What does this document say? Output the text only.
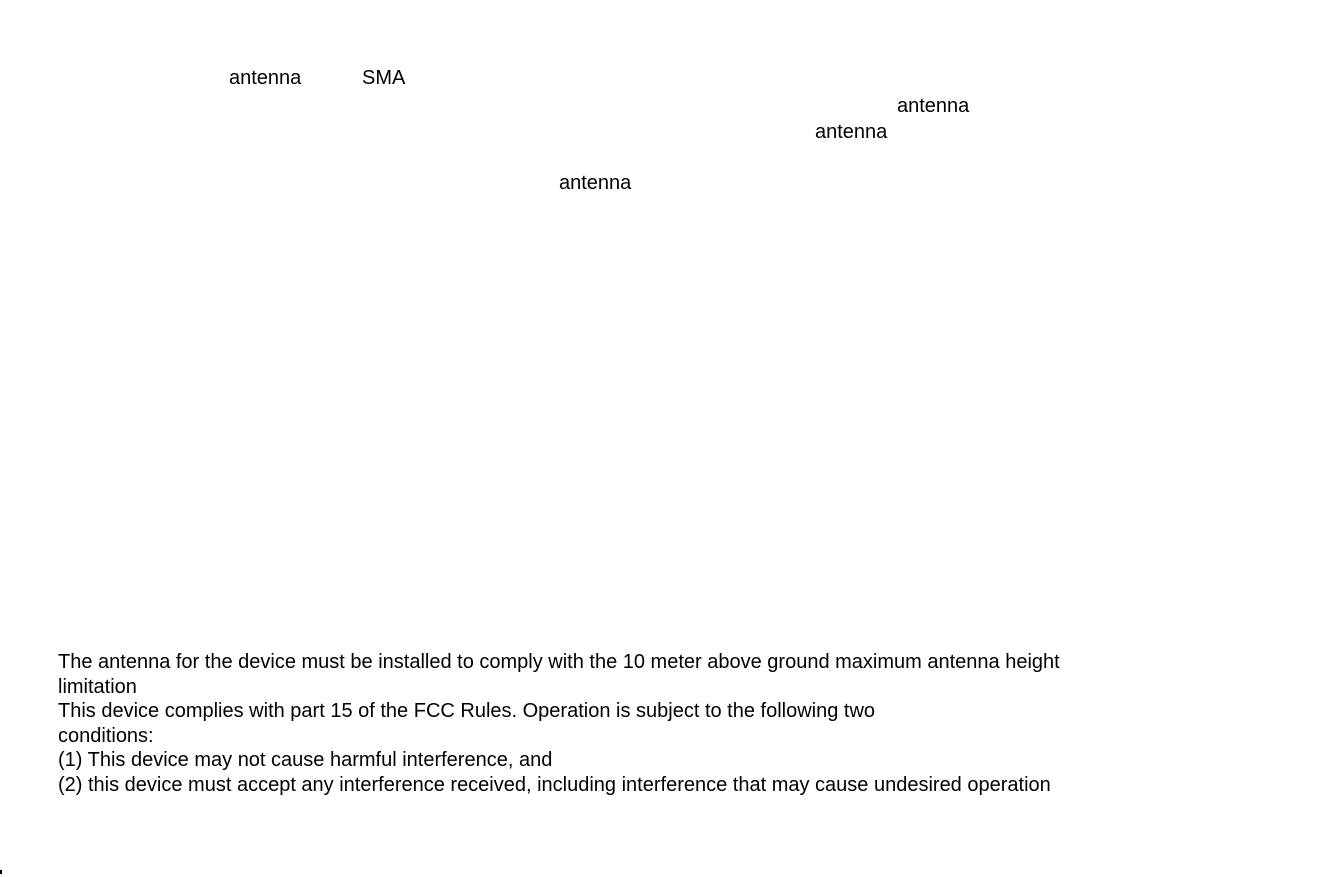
antenna	SMA
antenna
antenna
antenna
The antenna for the device must be installed to comply with the 10 meter above ground maximum antenna height
limitation
This device complies with part 15 of the FCC Rules. Operation is subject to the following two
conditions:
(1) This device may not cause harmful interference, and
(2) this device must accept any interference received, including interference that may cause undesired operation
